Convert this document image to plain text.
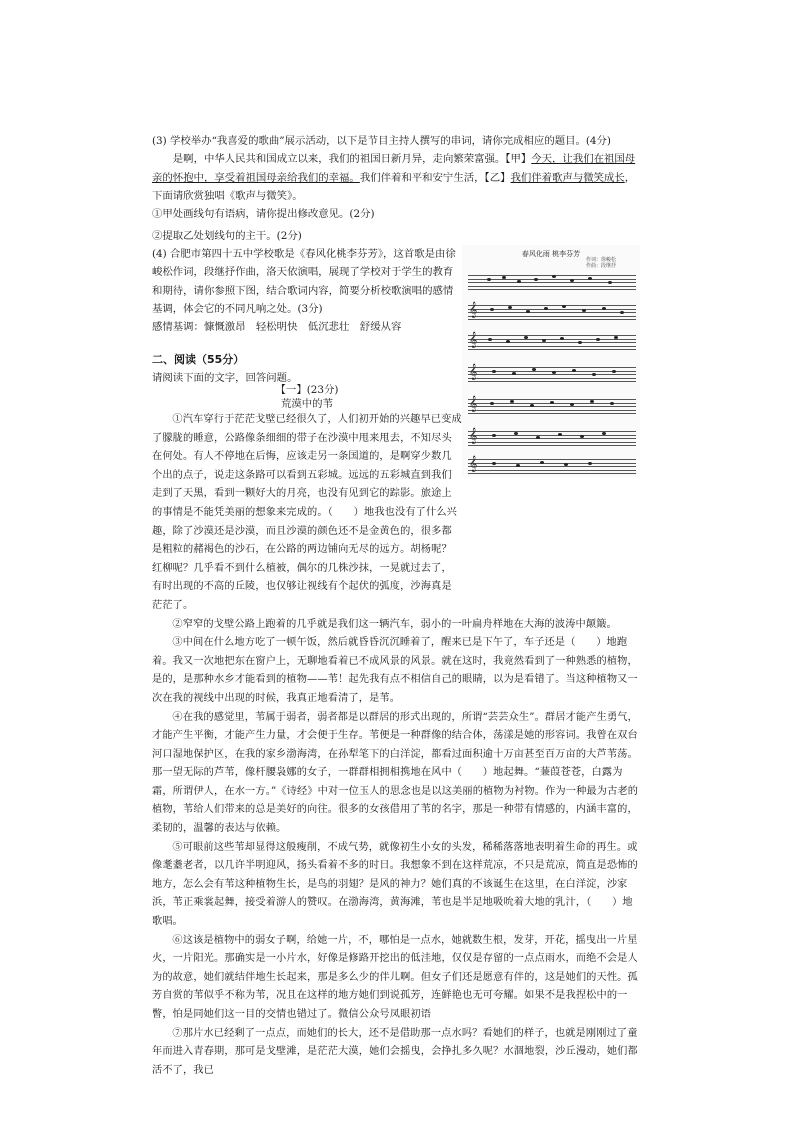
(3) 学校举办“我喜爱的歌曲”展示活动，以下是节目主持人撰写的串词，请你完成相应的题目。(4分)

是啊，中华人民共和国成立以来，我们的祖国日新月异，走向繁荣富强。【甲】今天，让我们在祖国母亲的怀抱中，享受着祖国母亲给我们的幸福。我们伴着和平和安宁生活，【乙】我们伴着歌声与微笑成长，下面请欣赏独唱《歌声与微笑》。

①甲处画线句有语病，请你提出修改意见。(2分)

②提取乙处划线句的主干。(2分)

(4) 合肥市第四十五中学校歌是《春风化桃李芬芳》，这首歌是由徐峻松作词，段继抒作曲，洛天依演唱，展现了学校对于学生的教育和期待，请你参照下图，结合歌词内容，简要分析校歌演唱的感情基调，体会它的不同凡响之处。(3分)

感情基调：慷慨激昂　轻松明快　低沉悲壮　舒缓从容

春风化雨 桃李芬芳
作词：徐峻松
作曲：段继抒
𝄞
𝄞
𝄞
𝄞
𝄞
𝄞
二、阅读（55分）
请阅读下面的文字，回答问题。
【一】(23分)
荒漠中的苇

①汽车穿行于茫茫戈壁已经很久了，人们初开始的兴趣早已变成了朦胧的睡意，公路像条细细的带子在沙漠中甩来甩去，不知尽头在何处。有人不停地在后悔，应该走另一条国道的，是啊穿少数几个出的点子，说走这条路可以看到五彩城。远远的五彩城直到我们走到了天黑，看到一颗好大的月亮，也没有见到它的踪影。旅途上的事情是不能凭美丽的想象来完成的。（　　）地我也没有了什么兴趣，除了沙漠还是沙漠，而且沙漠的颜色还不是金黄色的，很多都是粗粒的赭褐色的沙石，在公路的两边铺向无尽的远方。胡杨呢？红柳呢？几乎看不到什么植被，偶尔的几株沙抹，一晃就过去了，有时出现的不高的丘陵，也仅够让视线有个起伏的弧度，沙海真是茫茫了。

②窄窄的戈壁公路上跑着的几乎就是我们这一辆汽车，弱小的一叶扁舟样地在大海的波涛中颠簸。

③中间在什么地方吃了一顿午饭，然后就昏昏沉沉睡着了，醒来已是下午了，车子还是（　　）地跑着。我又一次地把东在窗户上，无聊地看着已不成风景的风景。就在这时，我竟然看到了一种熟悉的植物，是的，是那种水乡才能看到的植物——苇！起先我有点不相信自己的眼睛，以为是看错了。当这种植物又一次在我的视线中出现的时候，我真正地看清了，是苇。

④在我的感觉里，苇属于弱者，弱者都是以群居的形式出现的，所谓“芸芸众生”。群居才能产生勇气，才能产生平衡，才能产生力量，才会便于生存。苇便是一种群像的结合体，荡漾是她的形容词。我曾在双台河口湿地保护区，在我的家乡渤海湾，在孙犁笔下的白洋淀，都看过面积逾十万亩甚至百万亩的大芦苇荡。那一望无际的芦苇，像杆腰袅娜的女子，一群群相拥相携地在风中（　　）地起舞。“蒹葭苍苍，白露为霜，所谓伊人，在水一方。”《诗经》中对一位玉人的思念也是以这美丽的植物为衬物。作为一种最为古老的植物，苇给人们带来的总是美好的向往。很多的女孩借用了苇的名字，那是一种带有情感的，内涵丰富的，柔韧的，温馨的表达与依赖。

⑤可眼前这些苇却显得这般瘦削，不成气势，就像初生小女的头发，稀稀落落地表明着生命的再生。或像耄耋老者，以几许半明迎风，扬头看着不多的时日。我想象不到在这样荒凉，不只是荒凉，简直是恐怖的地方，怎么会有苇这种植物生长，是鸟的羽翅？是风的神力？她们真的不该诞生在这里，在白洋淀，沙家浜，苇正乘裳起舞，接受着游人的赞叹。在渤海湾，黄海滩，苇也是半足地吸吮着大地的乳汁，（　　）地歌唱。

⑥这该是植物中的弱女子啊，给她一片，不，哪怕是一点水，她就数生根，发芽，开花，摇曳出一片星火，一片阳光。那确实是一小片水，好像是修路开挖出的低洼地，仅仅是存留的一点点雨水，而绝不会是人为的故意，她们就结伴地生长起来，那是多么少的伴儿啊。但女子们还是愿意有伴的，这是她们的天性。孤芳自赏的苇似乎不称为苇，况且在这样的地方她们到说孤芳，连鲜艳也无可夸耀。如果不是我捏松中的一瞥，怕是同她们这一目的交情也错过了。微信公众号凤眼初语

⑦那片水已经剩了一点点，而她们的长大，还不是借助那一点水吗？看她们的样子，也就是刚刚过了童年而进入青春期，那可是戈壁滩，是茫茫大漠，她们会摇曳，会挣扎多久呢？水涸地裂，沙丘漫动，她们都活不了，我已
